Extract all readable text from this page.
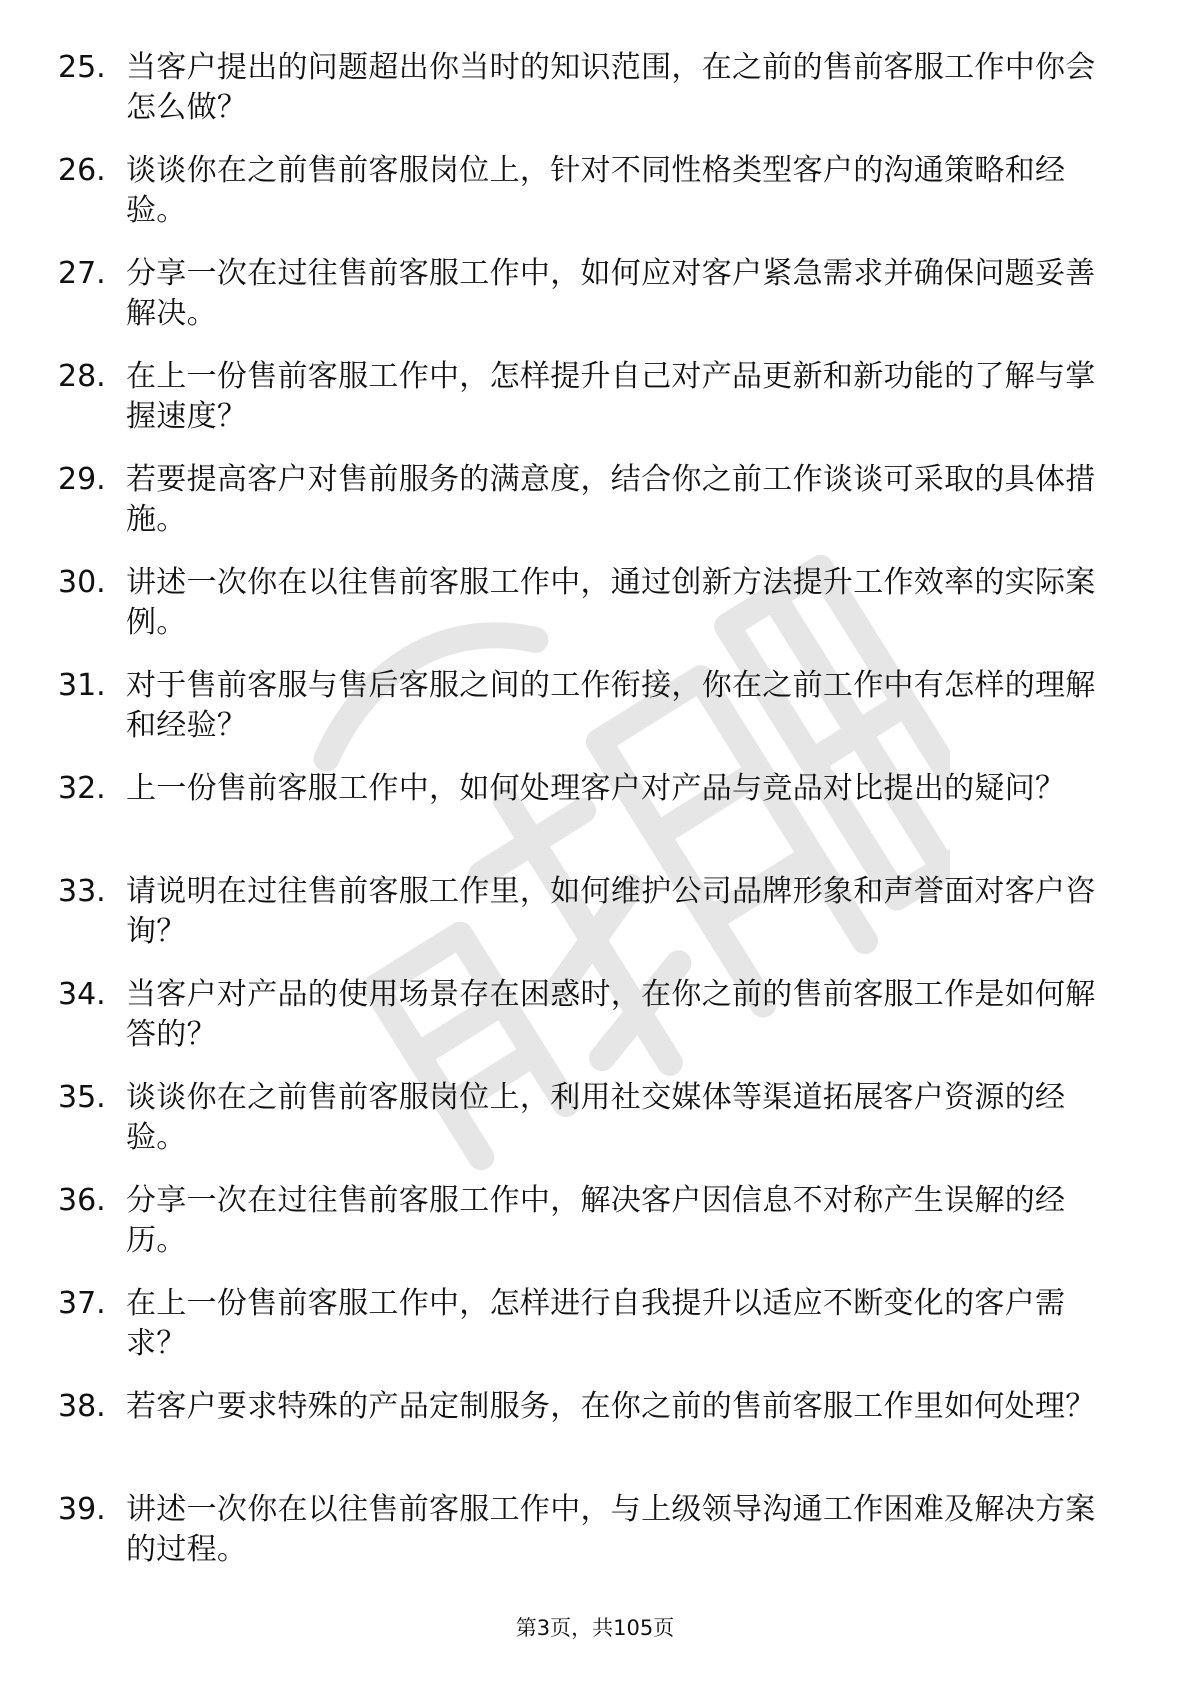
25. 当客户提出的问题超出你当时的知识范围，在之前的售前客服工作中你会怎么做？
26. 谈谈你在之前售前客服岗位上，针对不同性格类型客户的沟通策略和经验。
27. 分享一次在过往售前客服工作中，如何应对客户紧急需求并确保问题妥善解决。
28. 在上一份售前客服工作中，怎样提升自己对产品更新和新功能的了解与掌握速度？
29. 若要提高客户对售前服务的满意度，结合你之前工作谈谈可采取的具体措施。
30. 讲述一次你在以往售前客服工作中，通过创新方法提升工作效率的实际案例。
31. 对于售前客服与售后客服之间的工作衔接，你在之前工作中有怎样的理解和经验？
32. 上一份售前客服工作中，如何处理客户对产品与竞品对比提出的疑问？
33. 请说明在过往售前客服工作里，如何维护公司品牌形象和声誉面对客户咨询？
34. 当客户对产品的使用场景存在困惑时，在你之前的售前客服工作是如何解答的？
35. 谈谈你在之前售前客服岗位上，利用社交媒体等渠道拓展客户资源的经验。
36. 分享一次在过往售前客服工作中，解决客户因信息不对称产生误解的经历。
37. 在上一份售前客服工作中，怎样进行自我提升以适应不断变化的客户需求？
38. 若客户要求特殊的产品定制服务，在你之前的售前客服工作里如何处理？
39. 讲述一次你在以往售前客服工作中，与上级领导沟通工作困难及解决方案的过程。
第3页，共105页
